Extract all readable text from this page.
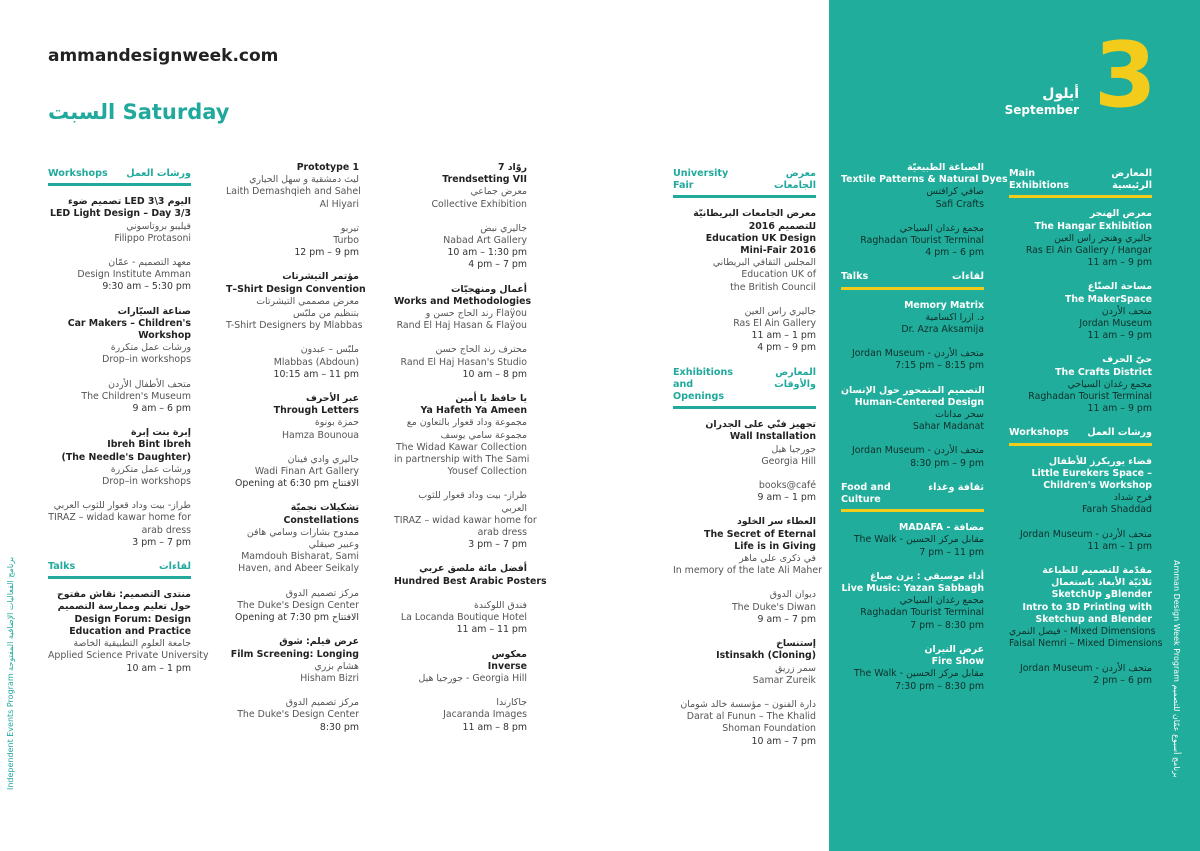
3
أيلول
September
الصباغة الطبيعيّة
Textile Patterns & Natural Dyes
صافي كرافتس
Safi Crafts
مجمع رغدان السياحي
Raghadan Tourist Terminal
4 pm – 6 pm
Talks	لقاءات
Memory Matrix
د. ازرا اكسامية
Dr. Azra Aksamija
Jordan Museum - متحف الأردن
7:15 pm – 8:15 pm
التصميم المتمحور حول الإنسان
Human-Centered Design
سحر مدانات
Sahar Madanat
Jordan Museum - متحف الأردن
8:30 pm – 9 pm
Food and Culture
ثقافة وغذاء
MADAFA - مضافة
The Walk - مقابل مركز الحسين
7 pm – 11 pm
أداء موسيقي : يزن صباغ
Live Music: Yazan Sabbagh
مجمع رغدان السياحي
Raghadan Tourist Terminal
7 pm – 8:30 pm
عرض النيران
Fire Show
The Walk - مقابل مركز الحسين
7:30 pm – 8:30 pm
Main Exhibitions
المعارض الرئيسية
معرض الهنجر
The Hangar Exhibition
جاليري وهنجر راس العين
Ras El Ain Gallery / Hangar
11 am – 9 pm
مساحة الصنّاع
The MakerSpace
متحف الأردن
Jordan Museum
11 am – 9 pm
حيّ الحرف
The Crafts District
مجمع رغدان السياحي
Raghadan Tourist Terminal
11 am – 9 pm
Workshops ورشات العمل
فضاء يوريكرز للأطفال
Little Eurekers Space –
Children's Workshop
فرح شداد
Farah Shaddad
Jordan Museum - متحف الأردن
11 am – 1 pm
مقدّمة للتصميم للطباعة
ثلاثيّة الأبعاد باستعمال
SketchUp وBlender
Intro to 3D Printing with
Sketchup and Blender
فيصل النمري - Mixed Dimensions
Faisal Nemri – Mixed Dimensions
Jordan Museum - متحف الأردن
2 pm – 6 pm	Amman Design Week Program برنامج أسبوع عمّان للتصميم
ammandesignweek.com
السبت Saturday
Workshops ورشات العمل
تصميم ضوء LED اليوم 3\3
LED Light Design – Day 3/3
فيليبو بروتاسوني
Filippo Protasoni
معهد التصميم - عمّان
Design Institute Amman
9:30 am – 5:30 pm
صناعة السيّارات
Car Makers – Children's
Workshop
ورشات عمل متكررة
Drop–in workshops
متحف الأطفال الأردن
The Children's Museum
9 am – 6 pm
إبرة بنت إبرة
Ibreh Bint Ibreh
(The Needle's Daughter)
ورشات عمل متكررة
Drop–in workshops
طراز- بيت وداد قعوار للثوب العربي
TIRAZ – widad kawar home for
arab dress
3 pm – 7 pm
Talks	لقاءات
منتدى التصميم: نقاش مفتوح
حول تعليم وممارسة التصميم
Design Forum: Design
Education and Practice
جامعة العلوم التطبيقية الخاصة
Applied Science Private University
10 am – 1 pm
Prototype 1
ليث دمشقية و سهل الحياري
Laith Demashqieh and Sahel
Al Hiyari
تيربو
Turbo
12 pm – 9 pm
مؤتمر التيشرتات
T–Shirt Design Convention
معرض مصممي التيشرتات
بتنظيم من ملبّس
T-Shirt Designers by Mlabbas
ملبّس – عبدون
Mlabbas (Abdoun)
10:15 am – 11 pm
عبر الأحرف
Through Letters
حمزة بونوة
Hamza Bounoua
جاليري وادي فينان
Wadi Finan Art Gallery
Opening at 6:30 pm الافتتاح
تشكيلات نجميّة
Constellations
ممدوح بشارات وسامي هافن
وعبير صيقلي
Mamdouh Bisharat, Sami
Haven, and Abeer Seikaly
مركز تصميم الدوق
The Duke's Design Center
Opening at 7:30 pm الافتتاح
عرض فيلم: شوق
Film Screening: Longing
هشام بزري
Hisham Bizri
مركز تصميم الدوق
The Duke's Design Center
8:30 pm
روّاد 7
Trendsetting VII
معرض جماعي
Collective Exhibition
جاليري نبض
Nabad Art Gallery
10 am – 1:30 pm
4 pm – 7 pm
أعمال ومنهجيّات
Works and Methodologies
رند الحاج حسن و Flaÿou
Rand El Haj Hasan & Flaÿou
محترف رند الحاج حسن
Rand El Haj Hasan's Studio
10 am – 8 pm
يا حافظ يا أمين
Ya Hafeth Ya Ameen
مجموعة وداد قعوار بالتعاون مع
مجموعة سامي يوسف
The Widad Kawar Collection
in partnership with The Sami
Yousef Collection
طراز- بيت وداد قعوار للثوب
العربي
TIRAZ – widad kawar home for
arab dress
3 pm – 7 pm
أفضل مائة ملصق عربي
Hundred Best Arabic Posters
فندق اللوكندة
La Locanda Boutique Hotel
11 am – 11 pm
معكوس
Inverse
جورجيا هيل - Georgia Hill
جاكارندا
Jacaranda Images
11 am – 8 pm
University Fair
معرض الجامعات
معرض الجامعات البريطانيّة
للتصميم 2016
Education UK Design
Mini-Fair 2016
المجلس الثقافي البريطاني
Education UK of
the British Council
جاليري راس العين
Ras El Ain Gallery
11 am – 1 pm
4 pm – 9 pm
Exhibitions and Openings
المعارض والأوقات
تجهيز فنّي على الجدران
Wall Installation
جورجيا هيل
Georgia Hill
books@café
9 am – 1 pm
العطاء سر الخلود
The Secret of Eternal
Life is in Giving
في ذكرى علي ماهر
In memory of the late Ali Maher
ديوان الدوق
The Duke's Diwan
9 am – 7 pm
إستنساخ
Istinsakh (Cloning)
سمر زريق
Samar Zureik
دارة الفنون – مؤسسة خالد شومان
Darat al Funun – The Khalid
Shoman Foundation
10 am – 7 pm
Independent Events Program برنامج الفعاليات الإضافية المفتوحة
